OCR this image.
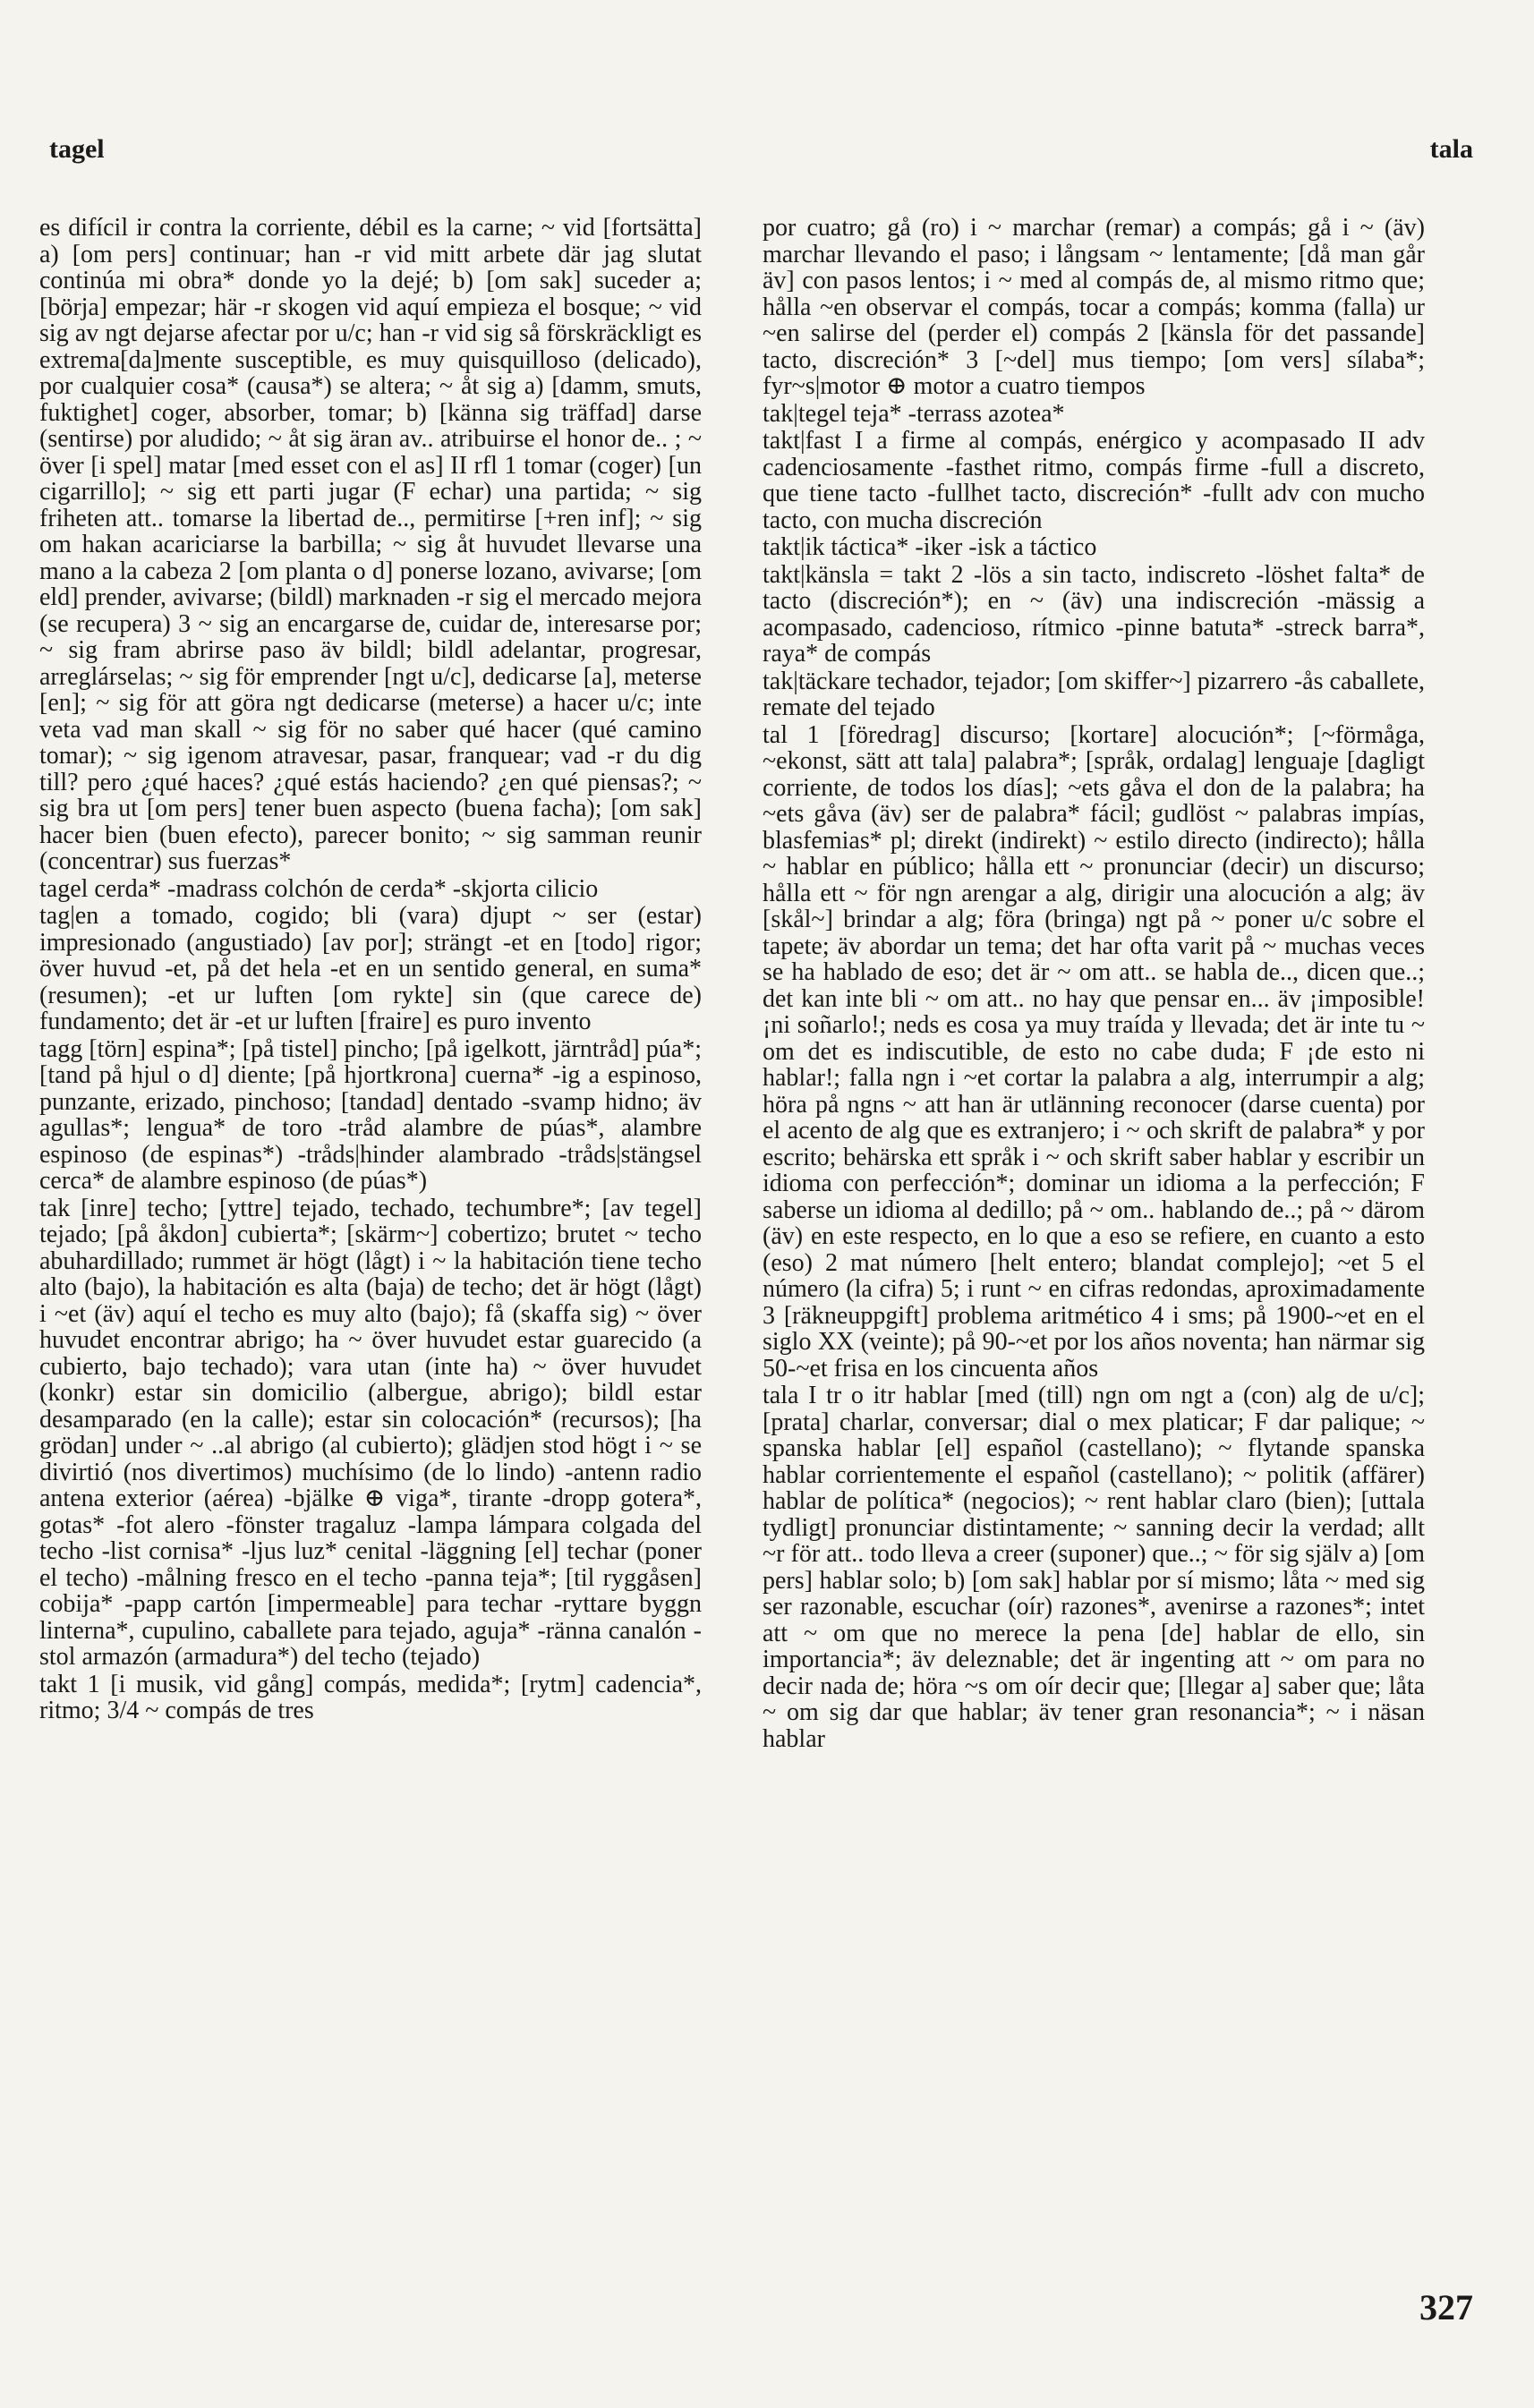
tagel	tala
es difícil ir contra la corriente, débil es la carne; ~ vid [fortsätta] a) [om pers] continuar; han -r vid mitt arbete där jag slutat continúa mi obra* donde yo la dejé; b) [om sak] suceder a; [börja] empezar; här -r skogen vid aquí empieza el bosque; ~ vid sig av ngt dejarse afectar por u/c; han -r vid sig så förskräckligt es extrema[da]mente susceptible, es muy quisquilloso (delicado), por cualquier cosa* (causa*) se altera; ~ åt sig a) [damm, smuts, fuktighet] coger, absorber, tomar; b) [känna sig träffad] darse (sentirse) por aludido; ~ åt sig äran av.. atribuirse el honor de.. ; ~ över [i spel] matar [med esset con el as] II rfl 1 tomar (coger) [un cigarrillo]; ~ sig ett parti jugar (F echar) una partida; ~ sig friheten att.. tomarse la libertad de.., permitirse [+ren inf]; ~ sig om hakan acariciarse la barbilla; ~ sig åt huvudet llevarse una mano a la cabeza 2 [om planta o d] ponerse lozano, avivarse; [om eld] prender, avivarse; (bildl) marknaden -r sig el mercado mejora (se recupera) 3 ~ sig an encargarse de, cuidar de, interesarse por; ~ sig fram abrirse paso äv bildl; bildl adelantar, progresar, arreglárselas; ~ sig för emprender [ngt u/c], dedicarse [a], meterse [en]; ~ sig för att göra ngt dedicarse (meterse) a hacer u/c; inte veta vad man skall ~ sig för no saber qué hacer (qué camino tomar); ~ sig igenom atravesar, pasar, franquear; vad -r du dig till? pero ¿qué haces? ¿qué estás haciendo? ¿en qué piensas?; ~ sig bra ut [om pers] tener buen aspecto (buena facha); [om sak] hacer bien (buen efecto), parecer bonito; ~ sig samman reunir (concentrar) sus fuerzas*
tagel cerda* -madrass colchón de cerda* -skjorta cilicio
tag|en a tomado, cogido; bli (vara) djupt ~ ser (estar) impresionado (angustiado) [av por]; strängt -et en [todo] rigor; över huvud -et, på det hela -et en un sentido general, en suma* (resumen); -et ur luften [om rykte] sin (que carece de) fundamento; det är -et ur luften [fraire] es puro invento
tagg [törn] espina*; [på tistel] pincho; [på igelkott, järntråd] púa*; [tand på hjul o d] diente; [på hjortkrona] cuerna* -ig a espinoso, punzante, erizado, pinchoso; [tandad] dentado -svamp hidno; äv agullas*; lengua* de toro -tråd alambre de púas*, alambre espinoso (de espinas*) -tråds|hinder alambrado -tråds|stängsel cerca* de alambre espinoso (de púas*)
tak [inre] techo; [yttre] tejado, techado, techumbre*; [av tegel] tejado; [på åkdon] cubierta*; [skärm~] cobertizo; brutet ~ techo abuhardillado; rummet är högt (lågt) i ~ la habitación tiene techo alto (bajo), la habitación es alta (baja) de techo; det är högt (lågt) i ~et (äv) aquí el techo es muy alto (bajo); få (skaffa sig) ~ över huvudet encontrar abrigo; ha ~ över huvudet estar guarecido (a cubierto, bajo techado); vara utan (inte ha) ~ över huvudet (konkr) estar sin domicilio (albergue, abrigo); bildl estar desamparado (en la calle); estar sin colocación* (recursos); [ha grödan] under ~ ..al abrigo (al cubierto); glädjen stod högt i ~ se divirtió (nos divertimos) muchísimo (de lo lindo) -antenn radio antena exterior (aérea) -bjälke ⊕ viga*, tirante -dropp gotera*, gotas* -fot alero -fönster tragaluz -lampa lámpara colgada del techo -list cornisa* -ljus luz* cenital -läggning [el] techar (poner el techo) -målning fresco en el techo -panna teja*; [til ryggåsen] cobija* -papp cartón [impermeable] para techar -ryttare byggn linterna*, cupulino, caballete para tejado, aguja* -ränna canalón -stol armazón (armadura*) del techo (tejado)
takt 1 [i musik, vid gång] compás, medida*; [rytm] cadencia*, ritmo; 3/4 ~ compás de tres
por cuatro; gå (ro) i ~ marchar (remar) a compás; gå i ~ (äv) marchar llevando el paso; i långsam ~ lentamente; [då man går äv] con pasos lentos; i ~ med al compás de, al mismo ritmo que; hålla ~en observar el compás, tocar a compás; komma (falla) ur ~en salirse del (perder el) compás 2 [känsla för det passande] tacto, discreción* 3 [~del] mus tiempo; [om vers] sílaba*; fyr~s|motor ⊕ motor a cuatro tiempos
tak|tegel teja* -terrass azotea*
takt|fast I a firme al compás, enérgico y acompasado II adv cadenciosamente -fasthet ritmo, compás firme -full a discreto, que tiene tacto -fullhet tacto, discreción* -fullt adv con mucho tacto, con mucha discreción
takt|ik táctica* -iker -isk a táctico
takt|känsla = takt 2 -lös a sin tacto, indiscreto -löshet falta* de tacto (discreción*); en ~ (äv) una indiscreción -mässig a acompasado, cadencioso, rítmico -pinne batuta* -streck barra*, raya* de compás
tak|täckare techador, tejador; [om skiffer~] pizarrero -ås caballete, remate del tejado
tal 1 [föredrag] discurso; [kortare] alocución*; [~förmåga, ~ekonst, sätt att tala] palabra*; [språk, ordalag] lenguaje [dagligt corriente, de todos los días]; ~ets gåva el don de la palabra; ha ~ets gåva (äv) ser de palabra* fácil; gudlöst ~ palabras impías, blasfemias* pl; direkt (indirekt) ~ estilo directo (indirecto); hålla ~ hablar en público; hålla ett ~ pronunciar (decir) un discurso; hålla ett ~ för ngn arengar a alg, dirigir una alocución a alg; äv [skål~] brindar a alg; föra (bringa) ngt på ~ poner u/c sobre el tapete; äv abordar un tema; det har ofta varit på ~ muchas veces se ha hablado de eso; det är ~ om att.. se habla de.., dicen que..; det kan inte bli ~ om att.. no hay que pensar en... äv ¡imposible! ¡ni soñarlo!; neds es cosa ya muy traída y llevada; det är inte tu ~ om det es indiscutible, de esto no cabe duda; F ¡de esto ni hablar!; falla ngn i ~et cortar la palabra a alg, interrumpir a alg; höra på ngns ~ att han är utlänning reconocer (darse cuenta) por el acento de alg que es extranjero; i ~ och skrift de palabra* y por escrito; behärska ett språk i ~ och skrift saber hablar y escribir un idioma con perfección*; dominar un idioma a la perfección; F saberse un idioma al dedillo; på ~ om.. hablando de..; på ~ därom (äv) en este respecto, en lo que a eso se refiere, en cuanto a esto (eso) 2 mat número [helt entero; blandat complejo]; ~et 5 el número (la cifra) 5; i runt ~ en cifras redondas, aproximadamente 3 [räkneuppgift] problema aritmético 4 i sms; på 1900-~et en el siglo XX (veinte); på 90-~et por los años noventa; han närmar sig 50-~et frisa en los cincuenta años
tala I tr o itr hablar [med (till) ngn om ngt a (con) alg de u/c]; [prata] charlar, conversar; dial o mex platicar; F dar palique; ~ spanska hablar [el] español (castellano); ~ flytande spanska hablar corrientemente el español (castellano); ~ politik (affärer) hablar de política* (negocios); ~ rent hablar claro (bien); [uttala tydligt] pronunciar distintamente; ~ sanning decir la verdad; allt ~r för att.. todo lleva a creer (suponer) que..; ~ för sig själv a) [om pers] hablar solo; b) [om sak] hablar por sí mismo; låta ~ med sig ser razonable, escuchar (oír) razones*, avenirse a razones*; intet att ~ om que no merece la pena [de] hablar de ello, sin importancia*; äv deleznable; det är ingenting att ~ om para no decir nada de; höra ~s om oír decir que; [llegar a] saber que; låta ~ om sig dar que hablar; äv tener gran resonancia*; ~ i näsan hablar
327
